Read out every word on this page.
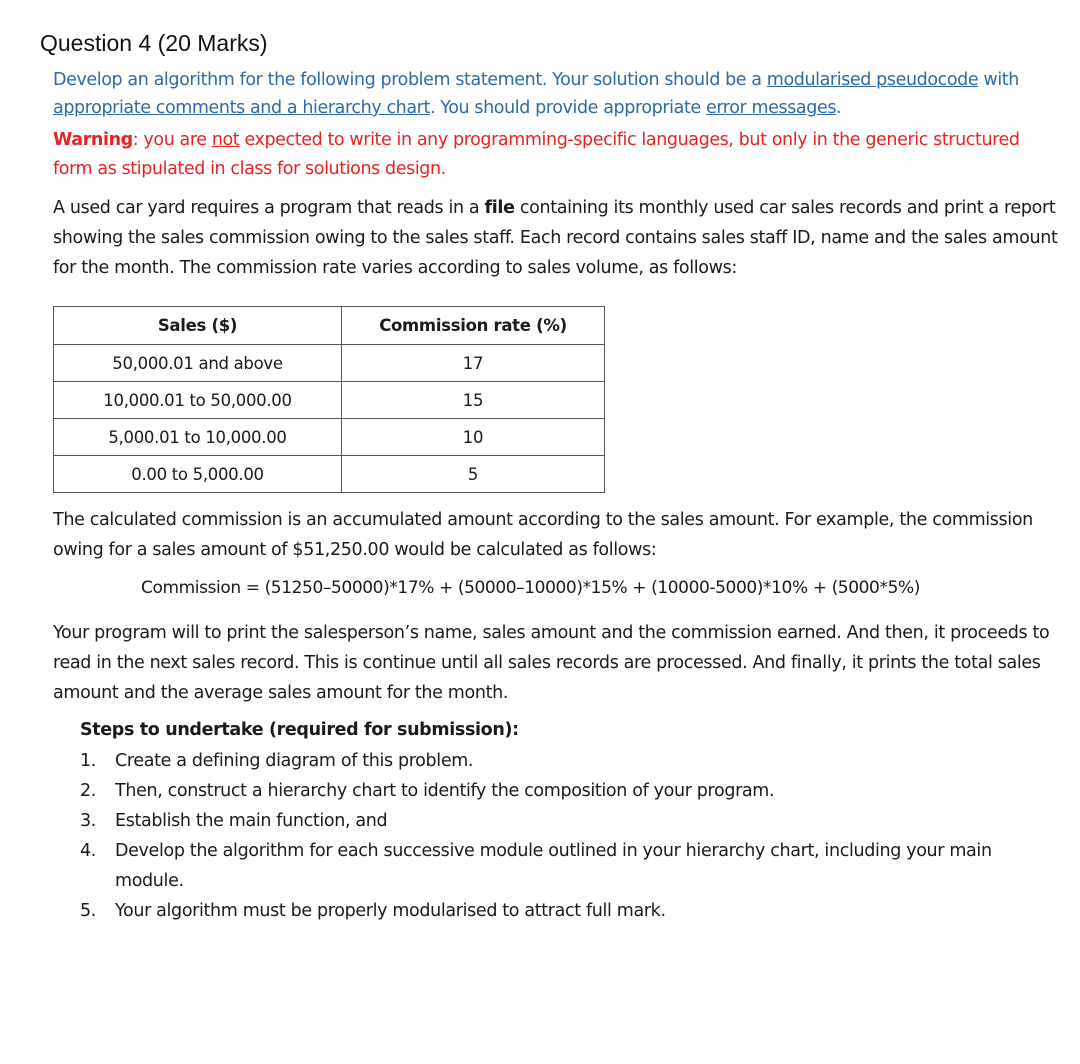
Question 4 (20 Marks)
Develop an algorithm for the following problem statement. Your solution should be a modularised pseudocode with appropriate comments and a hierarchy chart. You should provide appropriate error messages.
Warning: you are not expected to write in any programming-specific languages, but only in the generic structured form as stipulated in class for solutions design.
A used car yard requires a program that reads in a file containing its monthly used car sales records and print a report showing the sales commission owing to the sales staff. Each record contains sales staff ID, name and the sales amount for the month. The commission rate varies according to sales volume, as follows:
Sales ($)	Commission rate (%)
50,000.01 and above	17
10,000.01 to 50,000.00	15
5,000.01 to 10,000.00	10
0.00 to 5,000.00	5
The calculated commission is an accumulated amount according to the sales amount. For example, the commission owing for a sales amount of $51,250.00 would be calculated as follows:
Commission = (51250–50000)*17% + (50000–10000)*15% + (10000-5000)*10% + (5000*5%)
Your program will to print the salesperson’s name, sales amount and the commission earned. And then, it proceeds to read in the next sales record. This is continue until all sales records are processed. And finally, it prints the total sales amount and the average sales amount for the month.
Steps to undertake (required for submission):
1.	Create a defining diagram of this problem.
2.	Then, construct a hierarchy chart to identify the composition of your program.
3.	Establish the main function, and
4.	Develop the algorithm for each successive module outlined in your hierarchy chart, including your main module.
5.	Your algorithm must be properly modularised to attract full mark.
